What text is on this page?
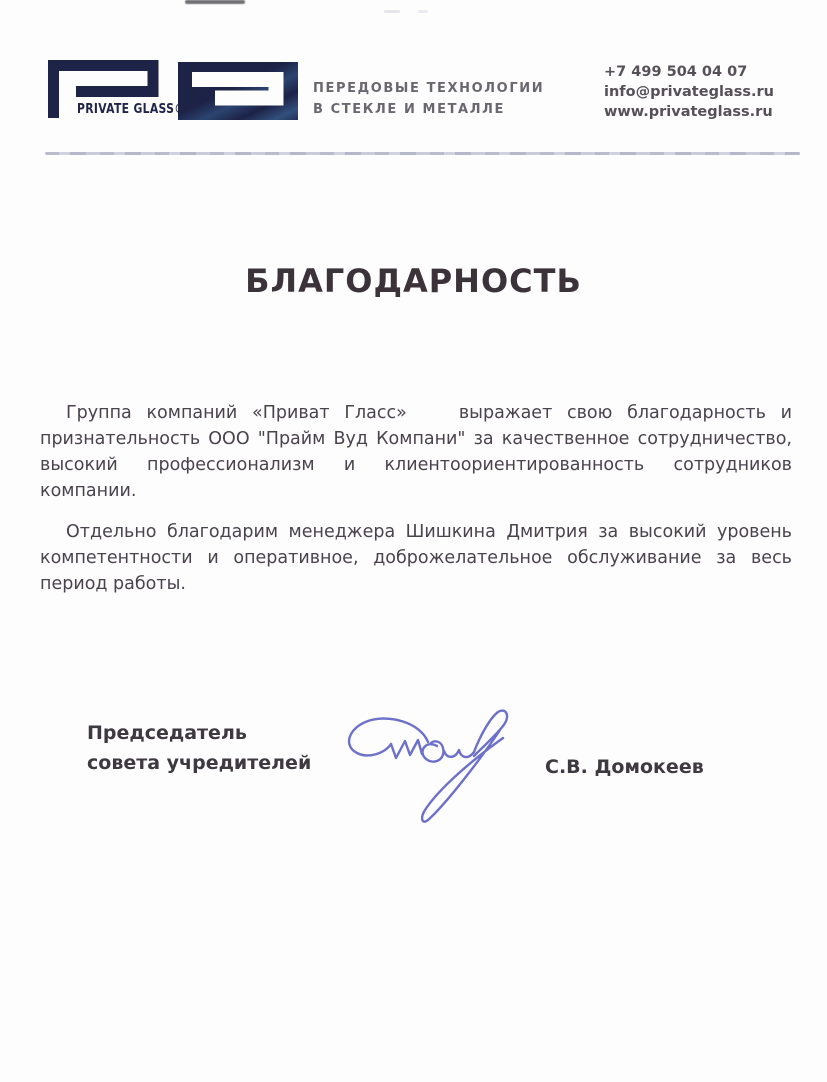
PRIVATE GLASS®
ПЕРЕДОВЫЕ ТЕХНОЛОГИИ
В СТЕКЛЕ И МЕТАЛЛЕ
+7 499 504 04 07
info@privateglass.ru
www.privateglass.ru
БЛАГОДАРНОСТЬ

Группа компаний «Приват Гласс»	выражает свою благодарность и признательность ООО "Прайм Вуд Компани" за качественное сотрудничество, высокий профессионализм и клиентоориентированность сотрудников компании.

Отдельно благодарим менеджера Шишкина Дмитрия за высокий уровень компетентности и оперативное, доброжелательное обслуживание за весь период работы.

Председатель
совета учредителей	С.В. Домокеев
